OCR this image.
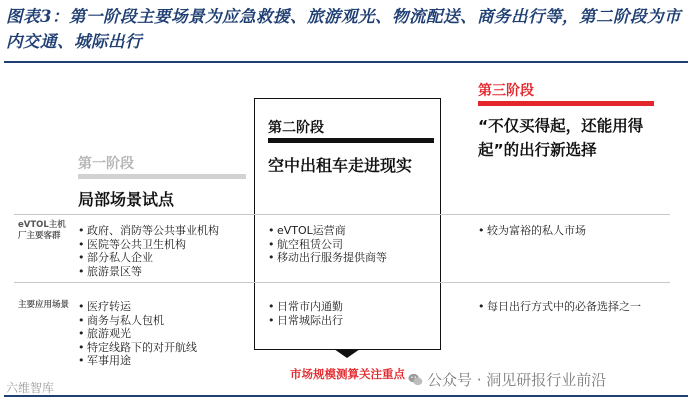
图表3：第一阶段主要场景为应急救援、旅游观光、物流配送、商务出行等，第二阶段为市内交通、城际出行
第一阶段
局部场景试点
第二阶段
空中出租车走进现实
第三阶段
“不仅买得起，还能用得起”的出行新选择
eVTOL主机厂主要客群
主要应用场景
• 政府、消防等公共事业机构
• 医院等公共卫生机构
• 部分私人企业
• 旅游景区等
• eVTOL运营商
• 航空租赁公司
• 移动出行服务提供商等
• 较为富裕的私人市场
• 医疗转运
• 商务与私人包机
• 旅游观光
• 特定线路下的对开航线
• 军事用途
• 日常市内通勤
• 日常城际出行
• 每日出行方式中的必备选择之一
市场规模测算关注重点
六维智库	公众号 · 洞见研报行业前沿
